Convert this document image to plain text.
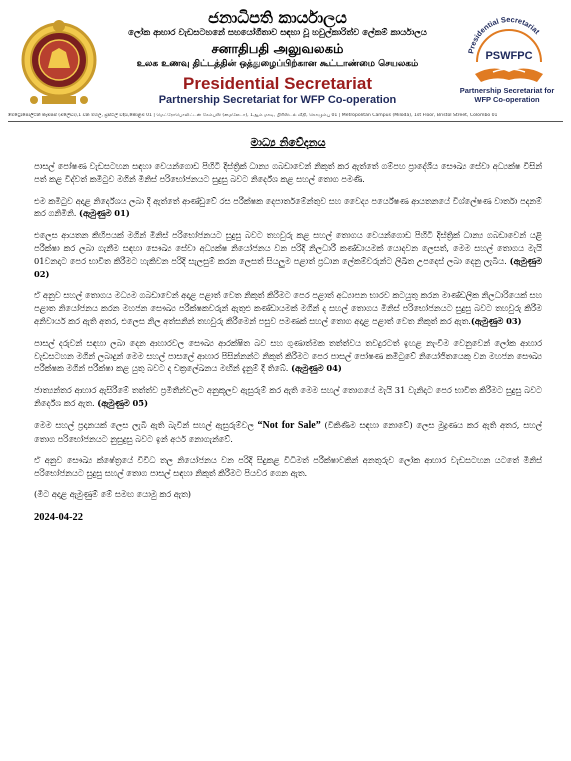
ජනාධිපති කාර්යාලය
ලෝක ආහාර වැඩසටහනේ සහයෝගීතාව සඳහා වූ හවුල්කාරිත්ව ලේකම් කාර්යාලය
சனாதிபதி அலுவலகம்
உலக உணவு திட்டத்தின் ஒத்துழைப்பிற்கான கூட்டாண்மை செயலகம்
Presidential Secretariat
Partnership Secretariat for WFP Co-operation
Presidential Secretariat
PSWFPC
Partnership Secretariat for
WFP Co-operation
මෙට්‍රොපොලිටන් කැම්පස් (මිලේඩා),1 වන මහල, බ්‍රිස්ටල් වීදිය,කොළඹ 01 | மெட்ரோபொலிட்டன் கேம்பஸ் (மைலேடா), 1ஆம் மாடி, பிரிஸ்டல் வீதி, கொழும்பு 01 | Metropolitan Campus (Miloda), 1st Floor, Bristol Street, Colombo 01
මාධ්‍ය නිවේදනය

පාසල් පෝෂණ වැඩසටහන සඳහා වෙයන්ගොඩ පිහිටි දිස්ත්‍රික් ධාන්‍ය ගබඩාවෙන් නිකුත් කර ඇත්තේ ගම්පහ ප්‍රාදේශීය සෞඛ්‍ය සේවා අධ්‍යක්ෂ විසින් පත් කළ විද්වත් කමිටුව මගින් මිනිස් පරිභෝජනයට සුදුසු බවට නිර්දේශ කළ සහල් තොග පමණි.

එම කමිටුව අදාළ නිර්දේශය ලබා දී ඇත්තේ ආණ්ඩුවේ රස පරීක්ෂක දෙපාර්තමේන්තුව සහ වෛද්‍ය පර්යේෂණ ආයතනයේ විශ්ලේෂණ වාර්තා පදනම් කර ගනිමිනි. (ඇමුණුම 01)

එලෙස ආයතන කිහිපයක් මගින් මිනිස් පරිභෝජනයට සුදුසු බවට තහවුරු කළ සහල් තොගය වෙයන්ගොඩ පිහිටි දිස්ත්‍රික් ධාන්‍ය ගබඩාවෙන් යළි පරීක්ෂා කර ලබා ගැනීම සඳහා සෞඛ්‍ය සේවා අධ්‍යක්ෂ නියෝජනය වන පරිදි නිලධාරී කණ්ඩායමක් යොදවන ලෙසත්, මෙම සහල් තොගය මැයි 01වනදාට පෙර භාවිත කිරීමට හැකිවන පරිදි සැලසුම් කරන ලෙසත් සියලුම පළාත් ප්‍රධාන ලේකම්වරුන්ට ලිඛිත උපදෙස් ලබා දෙනු ලැබීය. (ඇමුණුම 02)

ඒ අනුව සහල් තොගය මධ්‍යම ගබඩාවෙන් අදාළ පළාත් වෙත නිකුත් කිරීමට පෙර පළාත් අධ්‍යාපන භාරව කටයුතු කරන මාණ්ඩලික නිලධාරියෙක් සහ පළාත නියෝජනය කරන මහජන සෞඛ්‍ය පරීක්ෂකවරුන් ඇතුළු කණ්ඩායමක් මගින් ද සහල් තොගය මිනිස් පරිභෝජනයට සුදුසු බවට තහවුරු කිරීම අනිවාර්ය කර ඇති අතර, එලෙස නිල අත්සනින් තහවුරු කිරීමෙන් පසුව පමණක් සහල් තොග අදාළ පළාත් වෙත නිකුත් කර ඇත.(ඇමුණුම 03)

පාසල් දරුවන් සඳහා ලබා දෙන ආහාරවල සෞඛ්‍ය ආරක්ෂිත බව සහ ගුණාත්මක තත්ත්වය තවදුරටත් ඉහළ නැංවීම වෙනුවෙන් ලෝක ආහාර වැඩසටහන මගින් ලබාදුන් මෙම සහල් පාසලේ ආහාර පිසින්නන්ට නිකුත් කිරීමට පෙර පාසල් පෝෂණ කමිටුවේ නියෝජිතයෙකු වන මහජන සෞඛ්‍ය පරීක්ෂක මගින් පරීක්ෂා කළ යුතු බවට ද චක්‍රලේඛනය මඟින් දැනුම් දී තිබේ. (ඇමුණුම 04)

ජාත්‍යන්තර ආහාර ඇසිරීමේ තත්ත්ව ප්‍රමිතීන්වලට අනුකූලව ඇසුරුම් කර ඇති මෙම සහල් තොගයේ මැයි 31 වැනිදාට පෙර භාවිත කිරීමට සුදුසු බවට නිර්දේශ කර ඇත. (ඇමුණුම 05)

මෙම සහල් ප්‍රදානයක් ලෙස ලැබී ඇති බැවින් සහල් ඇසුරුම්වල “Not for Sale” (විකිණීම සඳහා නොවේ) ලෙස මුද්‍රණය කර ඇති අතර, සහල් තොග පරිභෝජනයට නුසුදුසු බවට ඉන් අර්ථ නොගැන්වේ.

ඒ අනුව සෞඛ්‍ය ක්ෂේත්‍රයේ විවිධ තල නියෝජනය වන පරිදි සිදුකළ විධිමත් පරීක්ෂාවකින් අනතුරුව ලෝක ආහාර වැඩසටහන යටතේ මිනිස් පරිභෝජනයට සුදුසු සහල් තොග පාසල් සඳහා නිකුත් කිරීමට පියවර ගෙන ඇත.

(මීට අදාළ ඇමුණුම් මේ සමඟ යොමු කර ඇත)
2024-04-22
